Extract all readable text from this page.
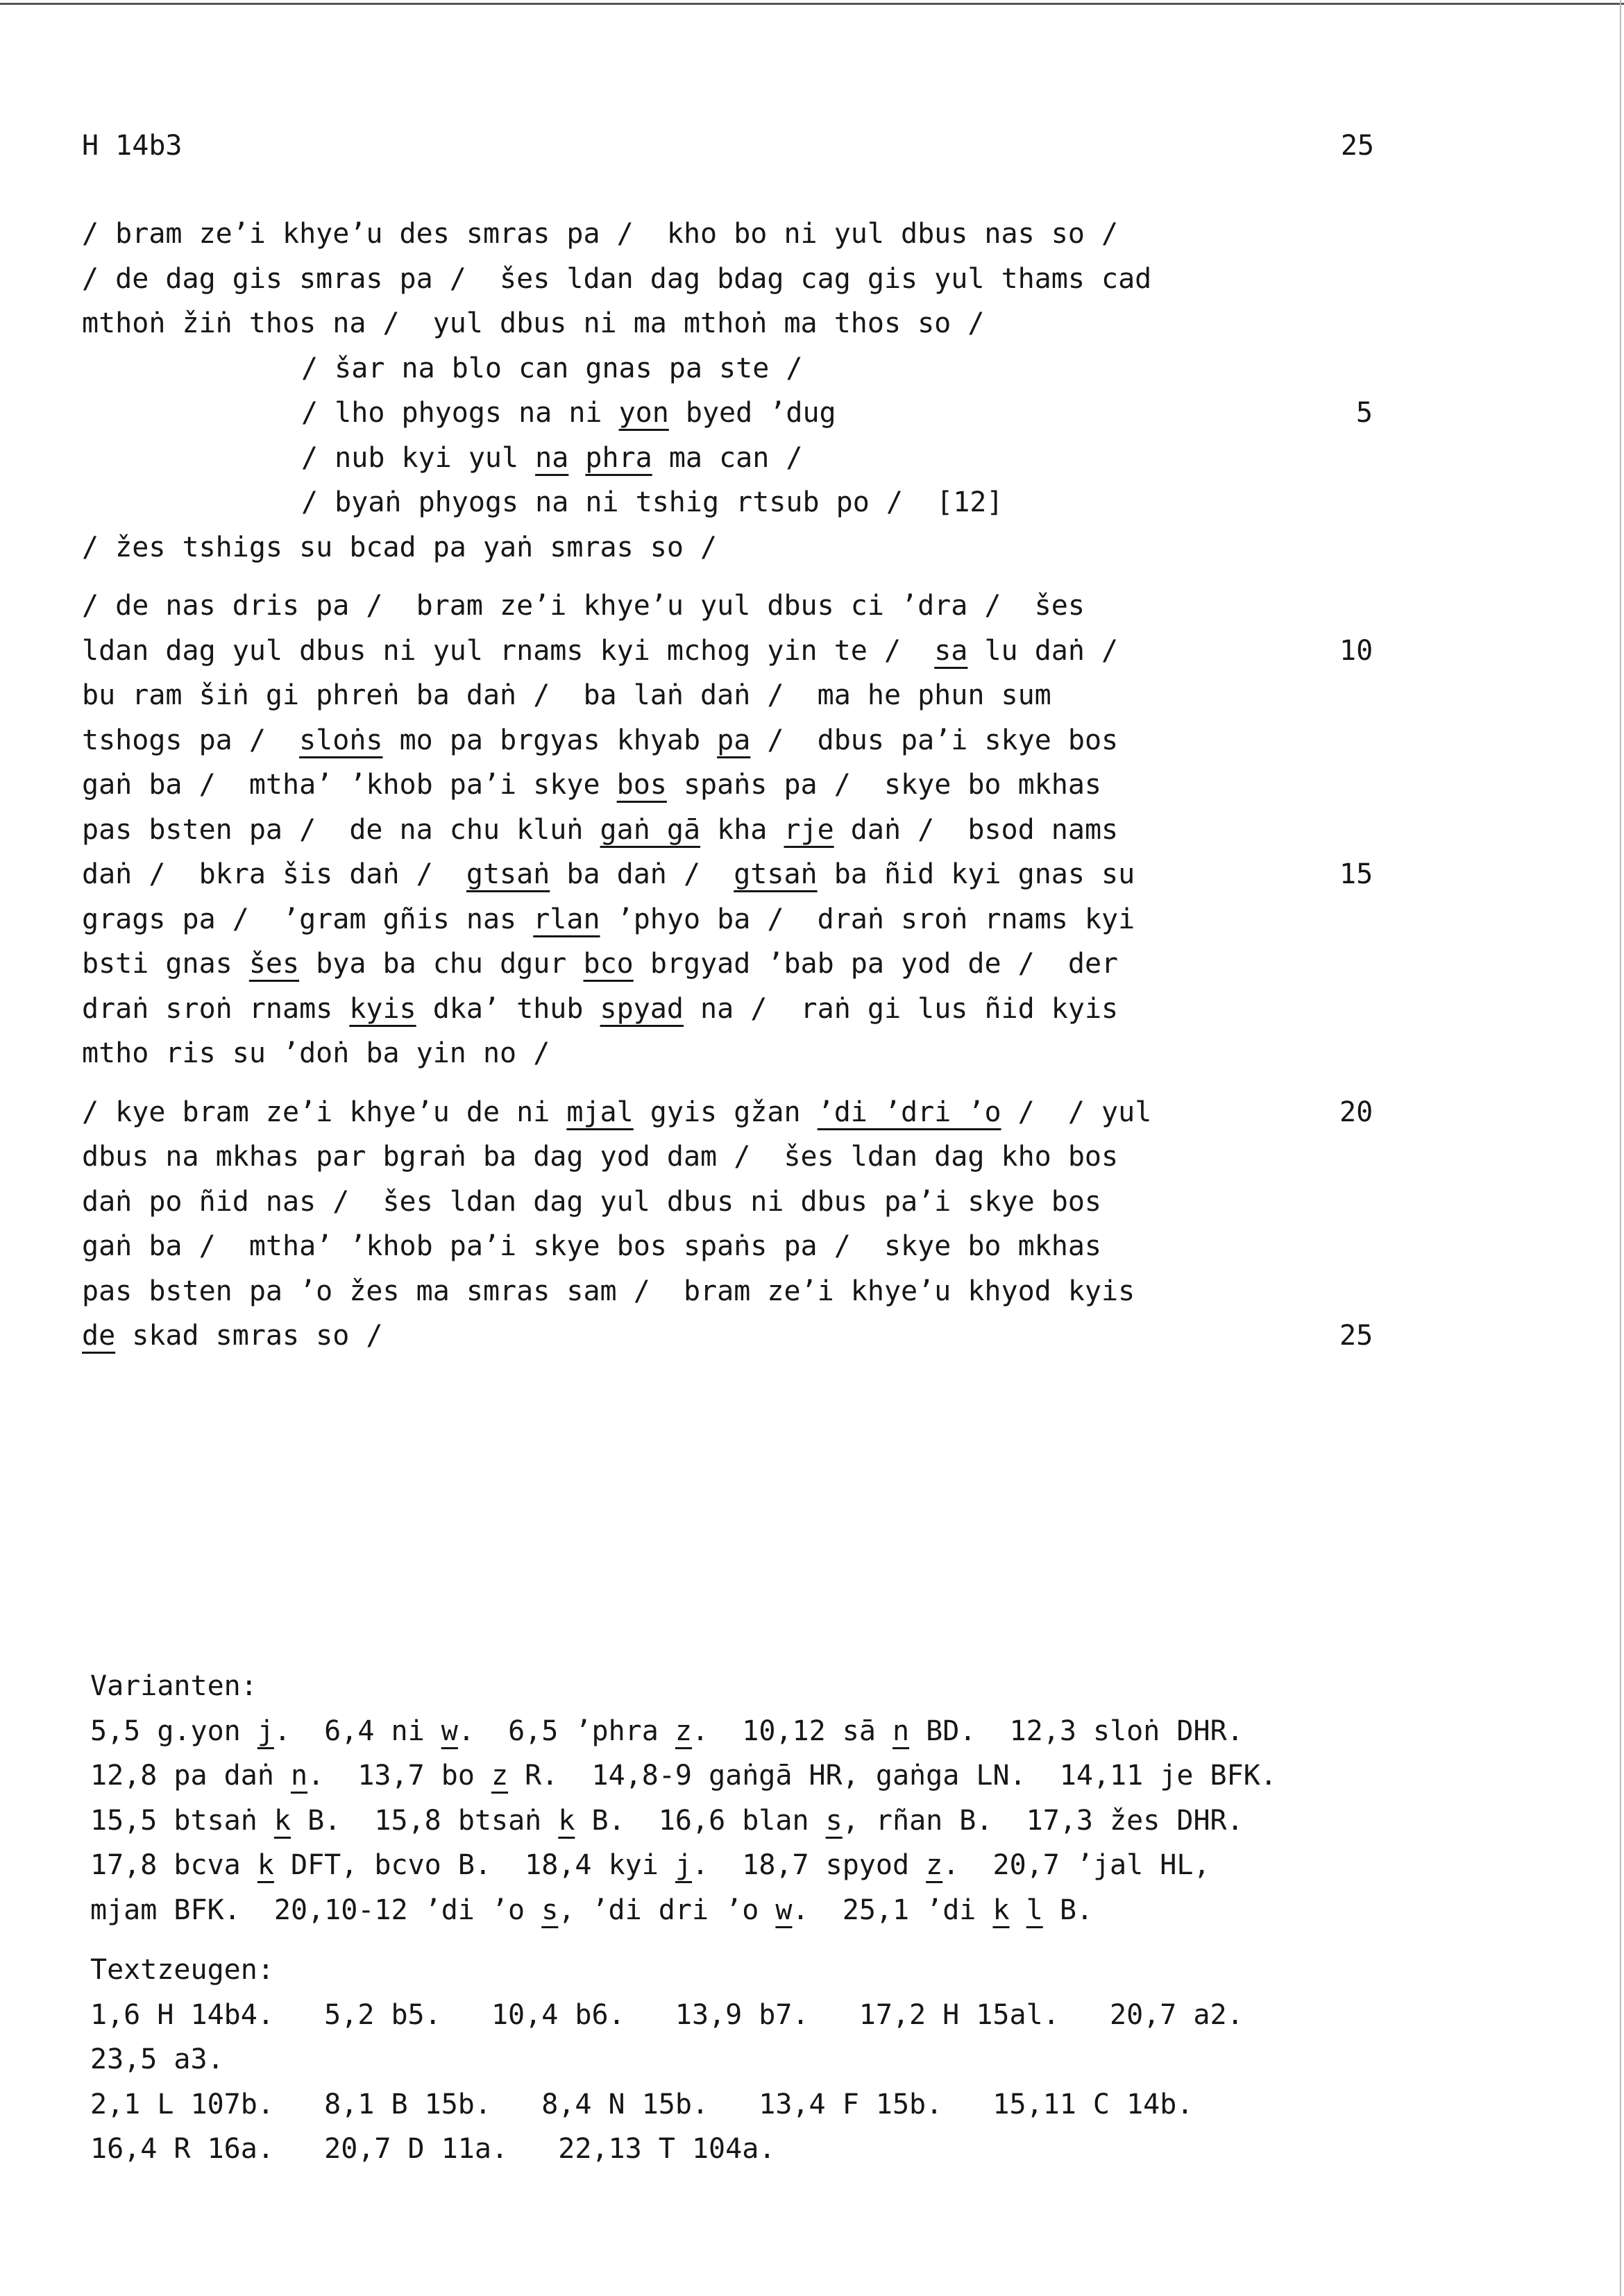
H 14b3	25
/ bram ze’i khye’u des smras pa /  kho bo ni yul dbus nas so /
/ de dag gis smras pa /  šes ldan dag bdag cag gis yul thams cad
mthoṅ žiṅ thos na /  yul dbus ni ma mthoṅ ma thos so /
/ šar na blo can gnas pa ste /
/ lho phyogs na ni yon byed ’dug	5
/ nub kyi yul na phra ma can /
/ byaṅ phyogs na ni tshig rtsub po /  [12]
/ žes tshigs su bcad pa yaṅ smras so /
/ de nas dris pa /  bram ze’i khye’u yul dbus ci ’dra /  šes
ldan dag yul dbus ni yul rnams kyi mchog yin te /  sa lu daṅ /	10
bu ram šiṅ gi phreṅ ba daṅ /  ba laṅ daṅ /  ma he phun sum
tshogs pa /  sloṅs mo pa brgyas khyab pa /  dbus pa’i skye bos
gaṅ ba /  mtha’ ’khob pa’i skye bos spaṅs pa /  skye bo mkhas
pas bsten pa /  de na chu kluṅ gaṅ gā kha rje daṅ /  bsod nams
daṅ /  bkra šis daṅ /  gtsaṅ ba daṅ /  gtsaṅ ba ñid kyi gnas su	15
grags pa /  ’gram gñis nas rlan ’phyo ba /  draṅ sroṅ rnams kyi
bsti gnas šes bya ba chu dgur bco brgyad ’bab pa yod de /  der
draṅ sroṅ rnams kyis dka’ thub spyad na /  raṅ gi lus ñid kyis
mtho ris su ’doṅ ba yin no /
/ kye bram ze’i khye’u de ni mjal gyis gžan ’di ’dri ’o /  / yul	20
dbus na mkhas par bgraṅ ba dag yod dam /  šes ldan dag kho bos
daṅ po ñid nas /  šes ldan dag yul dbus ni dbus pa’i skye bos
gaṅ ba /  mtha’ ’khob pa’i skye bos spaṅs pa /  skye bo mkhas
pas bsten pa ’o žes ma smras sam /  bram ze’i khye’u khyod kyis
de skad smras so /	25
Varianten:
5,5 g.yon j.  6,4 ni w.  6,5 ’phra z.  10,12 sā n BD.  12,3 sloṅ DHR.
12,8 pa daṅ n.  13,7 bo z R.  14,8-9 gaṅgā HR, gaṅga LN.  14,11 je BFK.
15,5 btsaṅ k B.  15,8 btsaṅ k B.  16,6 blan s, rñan B.  17,3 žes DHR.
17,8 bcva k DFT, bcvo B.  18,4 kyi j.  18,7 spyod z.  20,7 ’jal HL,
mjam BFK.  20,10-12 ’di ’o s, ’di dri ’o w.  25,1 ’di k l B.
Textzeugen:
1,6 H 14b4.   5,2 b5.   10,4 b6.   13,9 b7.   17,2 H 15al.   20,7 a2.
23,5 a3.
2,1 L 107b.   8,1 B 15b.   8,4 N 15b.   13,4 F 15b.   15,11 C 14b.
16,4 R 16a.   20,7 D 11a.   22,13 T 104a.
